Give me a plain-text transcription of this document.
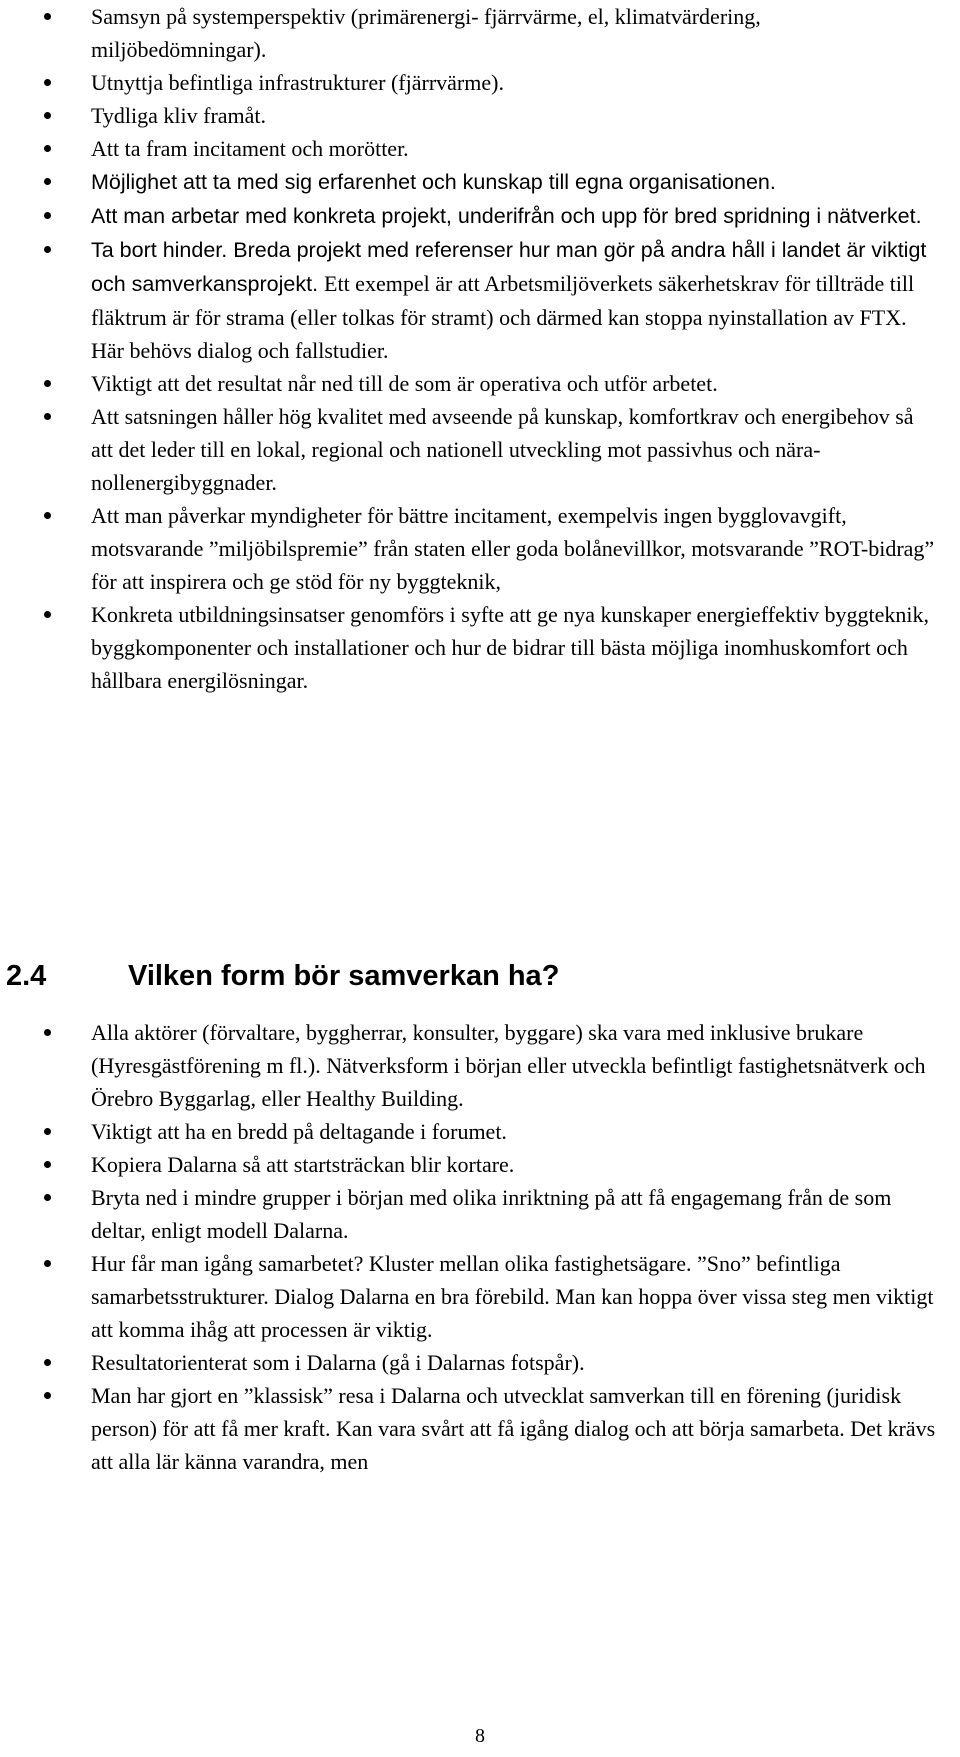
Samsyn på systemperspektiv (primärenergi- fjärrvärme, el, klimatvärdering, miljöbedömningar).
Utnyttja befintliga infrastrukturer (fjärrvärme).
Tydliga kliv framåt.
Att ta fram incitament och morötter.
Möjlighet att ta med sig erfarenhet och kunskap till egna organisationen.
Att man arbetar med konkreta projekt, underifrån och upp för bred spridning i nätverket.
Ta bort hinder. Breda projekt med referenser hur man gör på andra håll i landet är viktigt och samverkansprojekt. Ett exempel är att Arbetsmiljöverkets säkerhetskrav för tillträde till fläktrum är för strama (eller tolkas för stramt) och därmed kan stoppa nyinstallation av FTX. Här behövs dialog och fallstudier.
Viktigt att det resultat når ned till de som är operativa och utför arbetet.
Att satsningen håller hög kvalitet med avseende på kunskap, komfortkrav och energibehov så att det leder till en lokal, regional och nationell utveckling mot passivhus och nära-nollenergibyggnader.
Att man påverkar myndigheter för bättre incitament, exempelvis ingen bygglovavgift, motsvarande ”miljöbilspremie” från staten eller goda bolånevillkor, motsvarande ”ROT-bidrag” för att inspirera och ge stöd för ny byggteknik,
Konkreta utbildningsinsatser genomförs i syfte att ge nya kunskaper energieffektiv byggteknik, byggkomponenter och installationer och hur de bidrar till bästa möjliga inomhuskomfort och hållbara energilösningar.
2.4	Vilken form bör samverkan ha?
Alla aktörer (förvaltare, byggherrar, konsulter, byggare) ska vara med inklusive brukare (Hyresgästförening m fl.). Nätverksform i början eller utveckla befintligt fastighetsnätverk och Örebro Byggarlag, eller Healthy Building.
Viktigt att ha en bredd på deltagande i forumet.
Kopiera Dalarna så att startsträckan blir kortare.
Bryta ned i mindre grupper i början med olika inriktning på att få engagemang från de som deltar, enligt modell Dalarna.
Hur får man igång samarbetet? Kluster mellan olika fastighetsägare. ”Sno” befintliga samarbetsstrukturer. Dialog Dalarna en bra förebild. Man kan hoppa över vissa steg men viktigt att komma ihåg att processen är viktig.
Resultatorienterat som i Dalarna (gå i Dalarnas fotspår).
Man har gjort en ”klassisk” resa i Dalarna och utvecklat samverkan till en förening (juridisk person) för att få mer kraft. Kan vara svårt att få igång dialog och att börja samarbeta. Det krävs att alla lär känna varandra, men
8
